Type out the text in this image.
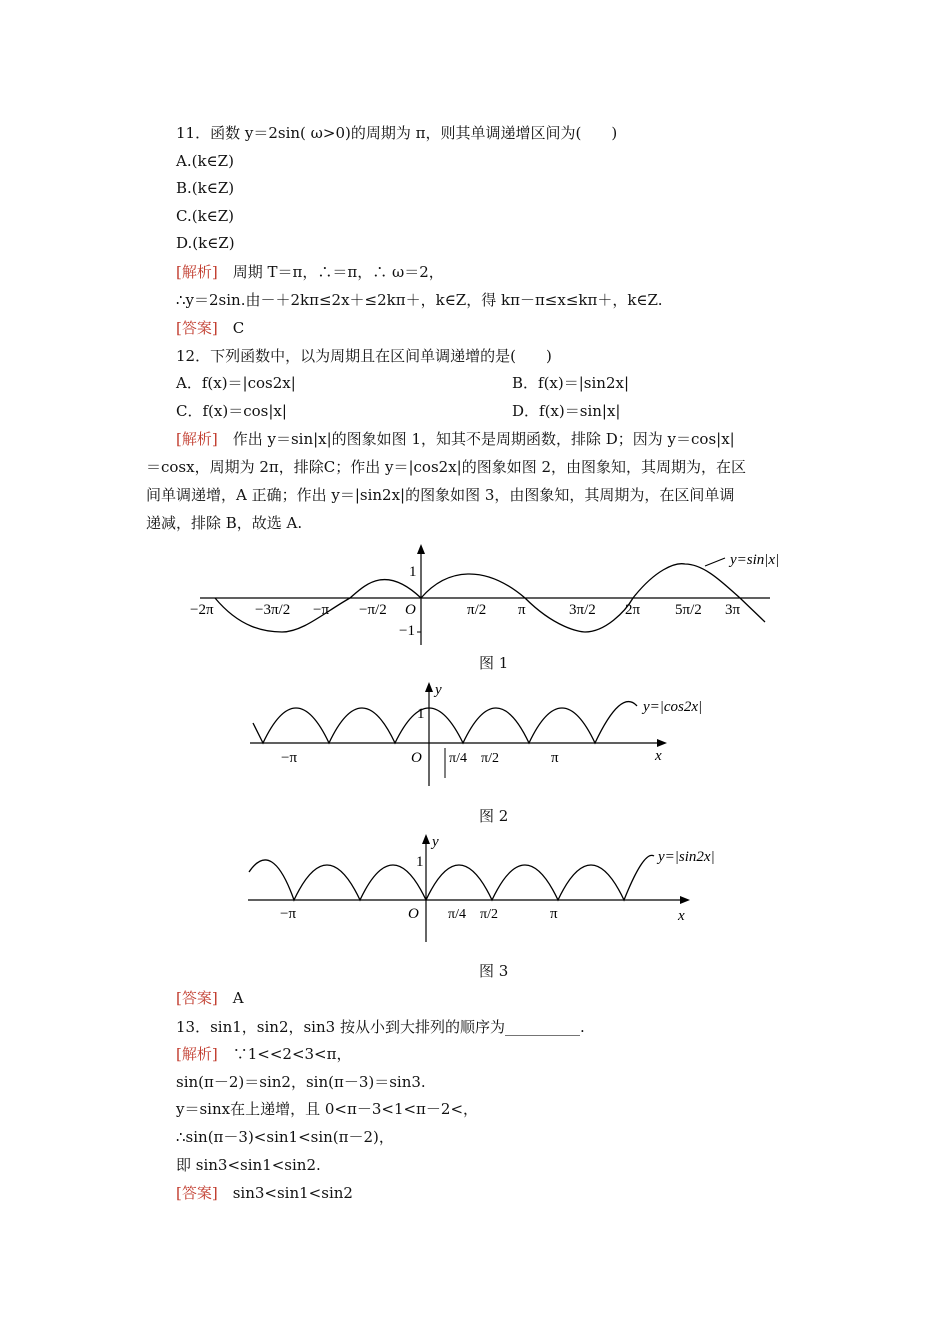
11．函数 y＝2sin( ω>0)的周期为 π，则其单调递增区间为(　　)
A.(k∈Z)
B.(k∈Z)
C.(k∈Z)
D.(k∈Z)
[解析]　周期 T＝π，∴＝π，∴ ω＝2，
∴y＝2sin.由－＋2kπ≤2x＋≤2kπ＋，k∈Z，得 kπ－π≤x≤kπ＋，k∈Z.
[答案]　C
12．下列函数中，以为周期且在区间单调递增的是(　　)
A．f(x)＝|cos2x|	B．f(x)＝|sin2x|
C．f(x)＝cos|x|	D．f(x)＝sin|x|
[解析]　作出 y＝sin|x|的图象如图 1，知其不是周期函数，排除 D；因为 y＝cos|x|
＝cosx，周期为 2π，排除C；作出 y＝|cos2x|的图象如图 2，由图象知，其周期为，在区
间单调递增，A 正确；作出 y＝|sin2x|的图象如图 3，由图象知，其周期为，在区间单调
递减，排除 B，故选 A.
y=sin|x|
1
−1
O
−2π	−3π/2 −π −π/2	π/2 π	3π/2 2π 5π/2 3π
图 1
y=|cos2x|
y
x
1
O
−π	π/4 π/2	π
图 2
y=|sin2x|
y
x
1
O
−π	π/4 π/2	π
图 3
[答案]　A
13．sin1，sin2，sin3 按从小到大排列的顺序为__________.
[解析]　∵1<<2<3<π，
sin(π－2)＝sin2，sin(π－3)＝sin3.
y＝sinx在上递增，且 0<π－3<1<π－2<，
∴sin(π－3)<sin1<sin(π－2)，
即 sin3<sin1<sin2.
[答案]　sin3<sin1<sin2
